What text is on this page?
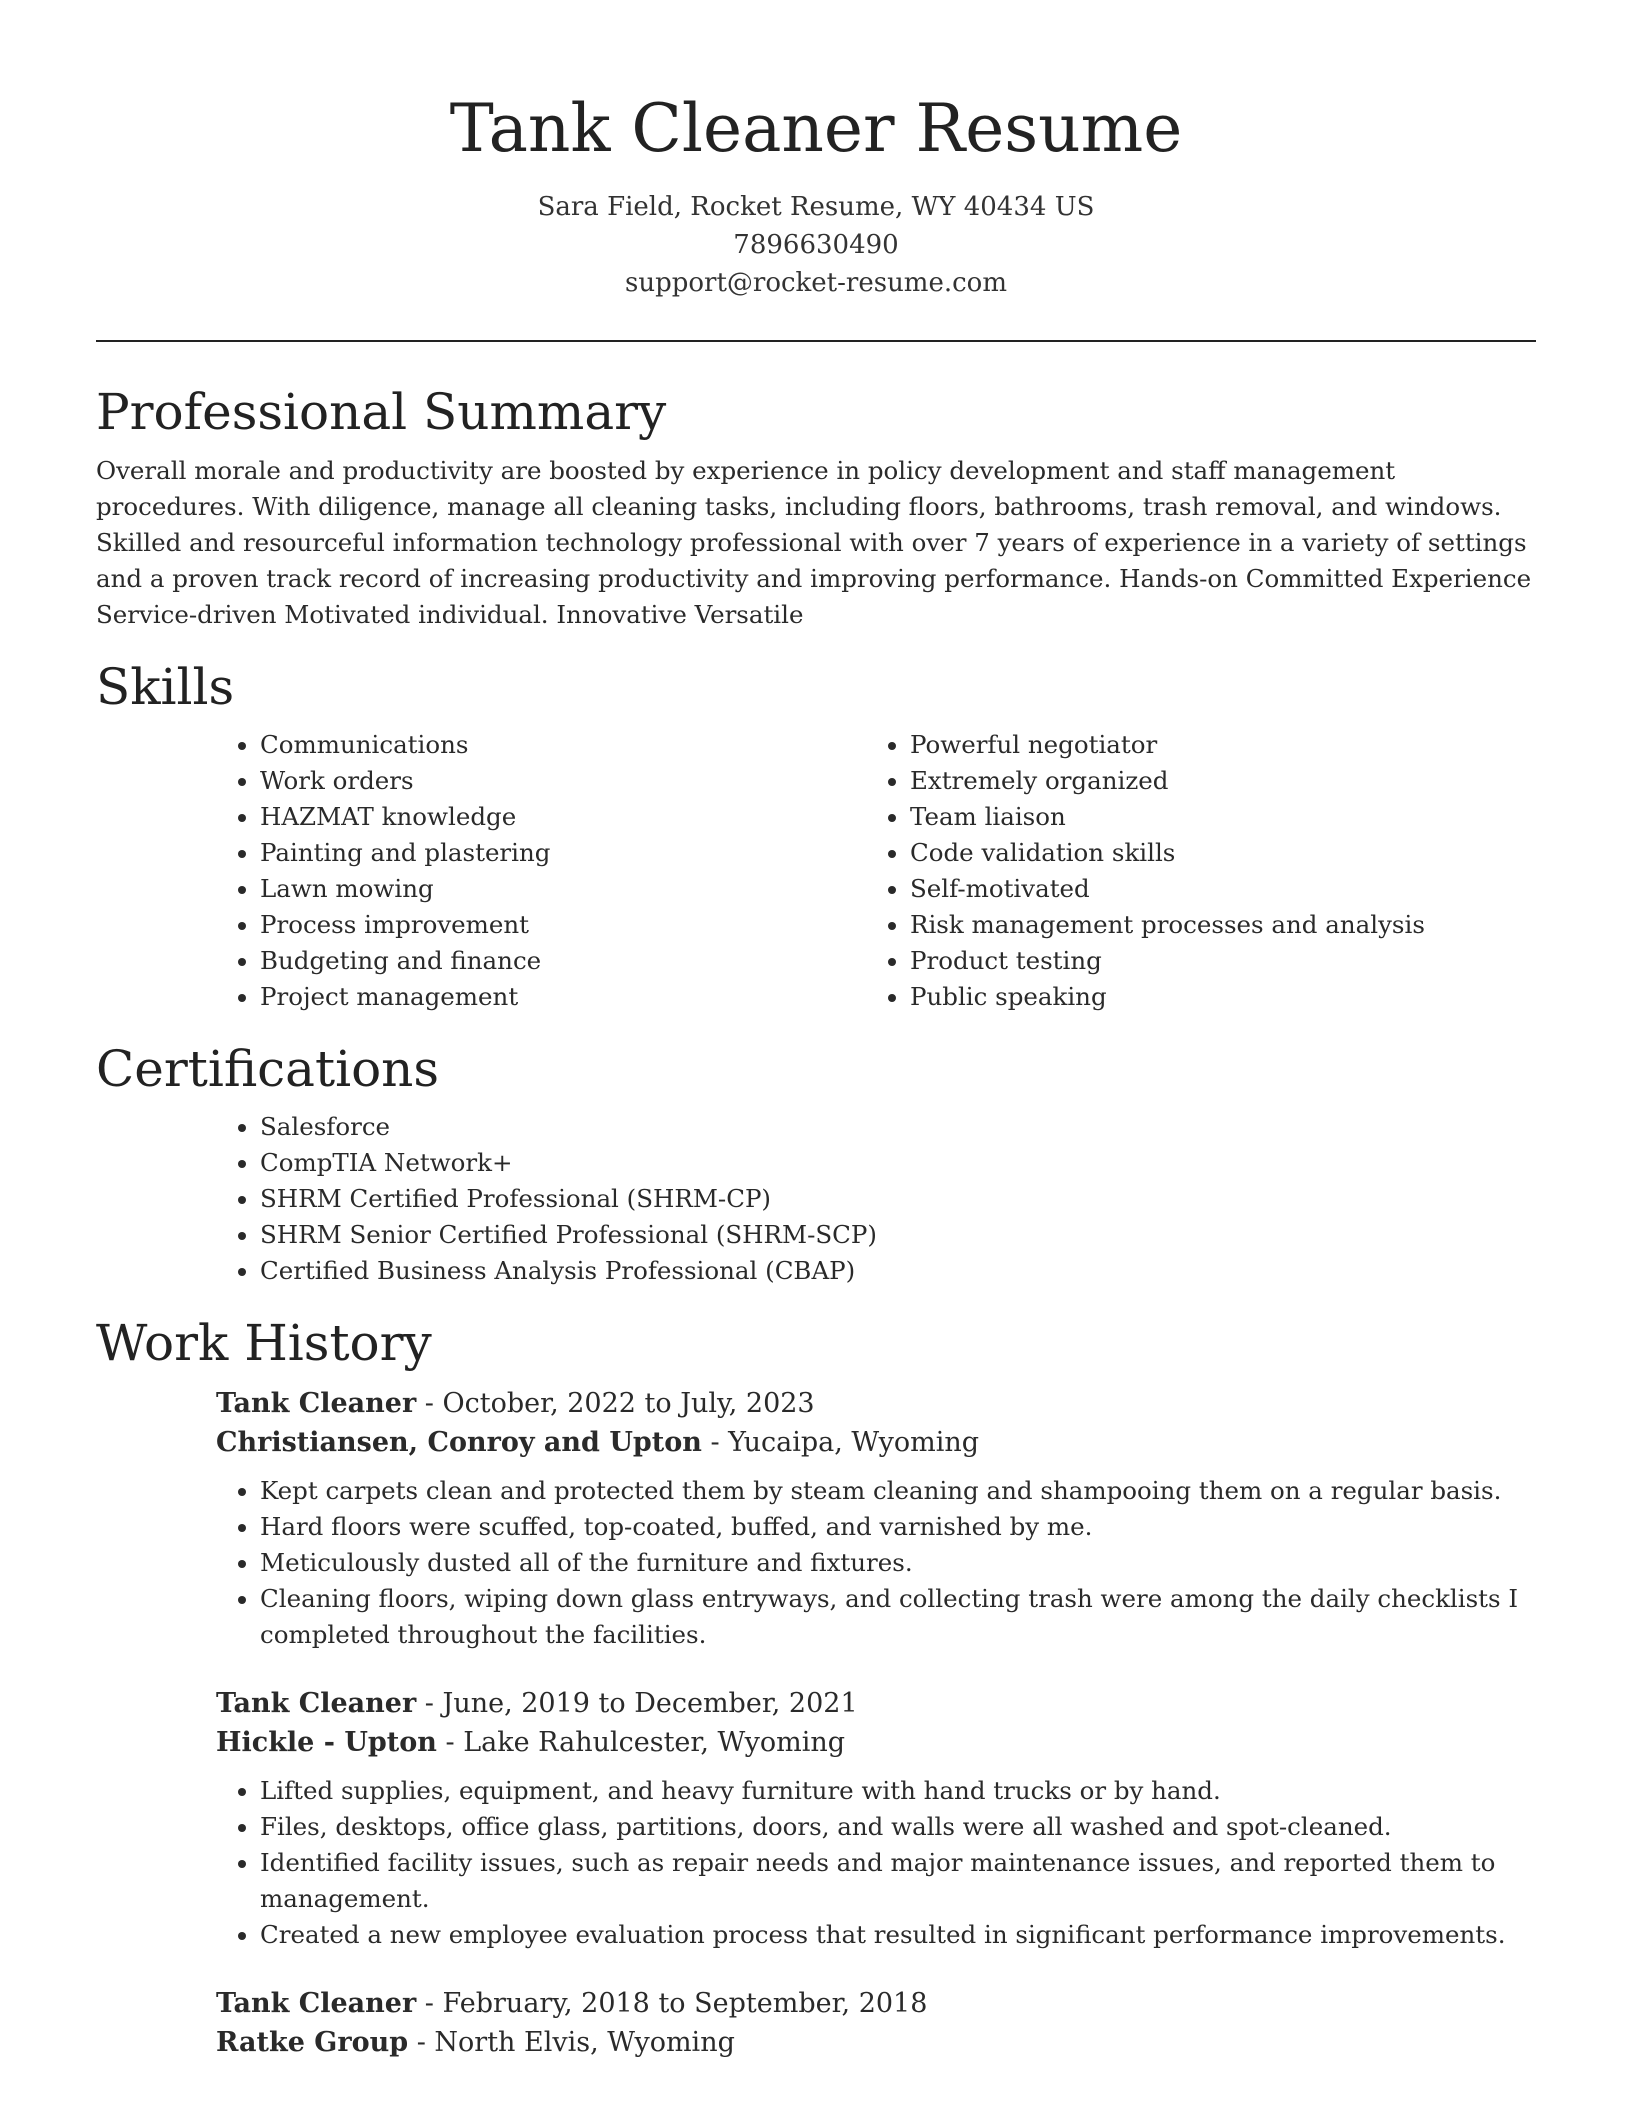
Tank Cleaner Resume

Sara Field, Rocket Resume, WY 40434 US

7896630490

support@rocket-resume.com

Professional Summary

Overall morale and productivity are boosted by experience in policy development and staff management procedures. With diligence, manage all cleaning tasks, including floors, bathrooms, trash removal, and windows. Skilled and resourceful information technology professional with over 7 years of experience in a variety of settings and a proven track record of increasing productivity and improving performance. Hands-on Committed Experience Service-driven Motivated individual. Innovative Versatile

Skills
• Communications
• Work orders
• HAZMAT knowledge
• Painting and plastering
• Lawn mowing
• Process improvement
• Budgeting and finance
• Project management
• Powerful negotiator
• Extremely organized
• Team liaison
• Code validation skills
• Self-motivated
• Risk management processes and analysis
• Product testing
• Public speaking
Certifications
• Salesforce
• CompTIA Network+
• SHRM Certified Professional (SHRM-CP)
• SHRM Senior Certified Professional (SHRM-SCP)
• Certified Business Analysis Professional (CBAP)
Work History

Tank Cleaner - October, 2022 to July, 2023

Christiansen, Conroy and Upton - Yucaipa, Wyoming

• Kept carpets clean and protected them by steam cleaning and shampooing them on a regular basis.
• Hard floors were scuffed, top-coated, buffed, and varnished by me.
• Meticulously dusted all of the furniture and fixtures.
• Cleaning floors, wiping down glass entryways, and collecting trash were among the daily checklists I completed throughout the facilities.

Tank Cleaner - June, 2019 to December, 2021

Hickle - Upton - Lake Rahulcester, Wyoming

• Lifted supplies, equipment, and heavy furniture with hand trucks or by hand.
• Files, desktops, office glass, partitions, doors, and walls were all washed and spot-cleaned.
• Identified facility issues, such as repair needs and major maintenance issues, and reported them to management.
• Created a new employee evaluation process that resulted in significant performance improvements.

Tank Cleaner - February, 2018 to September, 2018

Ratke Group - North Elvis, Wyoming
